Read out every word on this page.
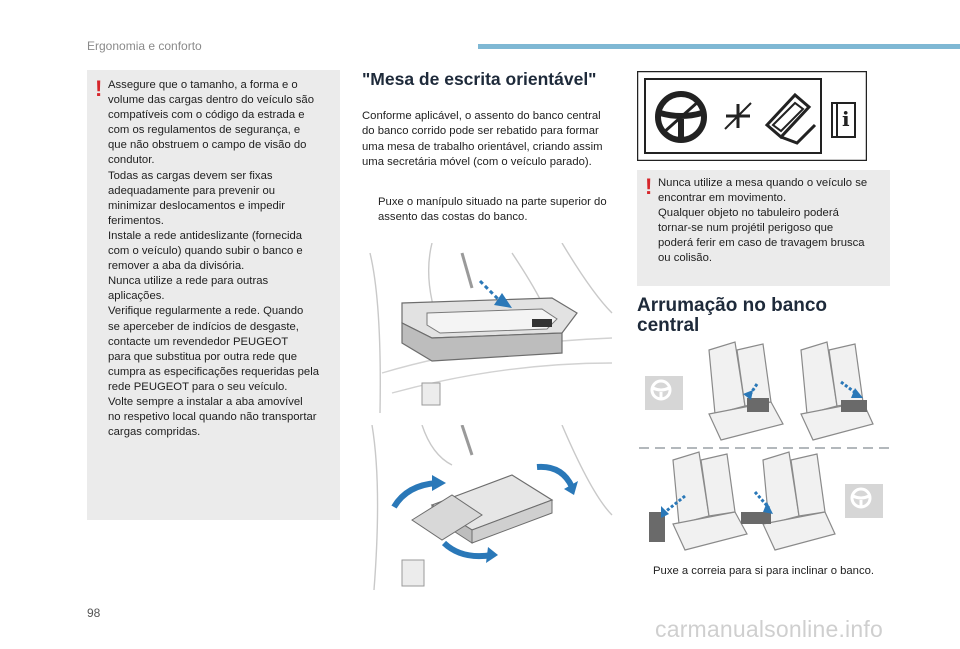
Ergonomia e conforto
! Assegure que o tamanho, a forma e o
volume das cargas dentro do veículo são
compatíveis com o código da estrada e
com os regulamentos de segurança, e
que não obstruem o campo de visão do
condutor.
Todas as cargas devem ser fixas
adequadamente para prevenir ou
minimizar deslocamentos e impedir
ferimentos.
Instale a rede antideslizante (fornecida
com o veículo) quando subir o banco e
remover a aba da divisória.
Nunca utilize a rede para outras
aplicações.
Verifique regularmente a rede. Quando
se aperceber de indícios de desgaste,
contacte um revendedor PEUGEOT
para que substitua por outra rede que
cumpra as especificações requeridas pela
rede PEUGEOT para o seu veículo.
Volte sempre a instalar a aba amovível
no respetivo local quando não transportar
cargas compridas.
"Mesa de escrita orientável"
Conforme aplicável, o assento do banco central do banco corrido pode ser rebatido para formar uma mesa de trabalho orientável, criando assim uma secretária móvel (com o veículo parado).
Puxe o manípulo situado na parte superior do assento das costas do banco.
i
! Nunca utilize a mesa quando o veículo se
encontrar em movimento.
Qualquer objeto no tabuleiro poderá
tornar-se num projétil perigoso que
poderá ferir em caso de travagem brusca
ou colisão.
Arrumação no banco central
Puxe a correia para si para inclinar o banco.
98
carmanualsonline.info
